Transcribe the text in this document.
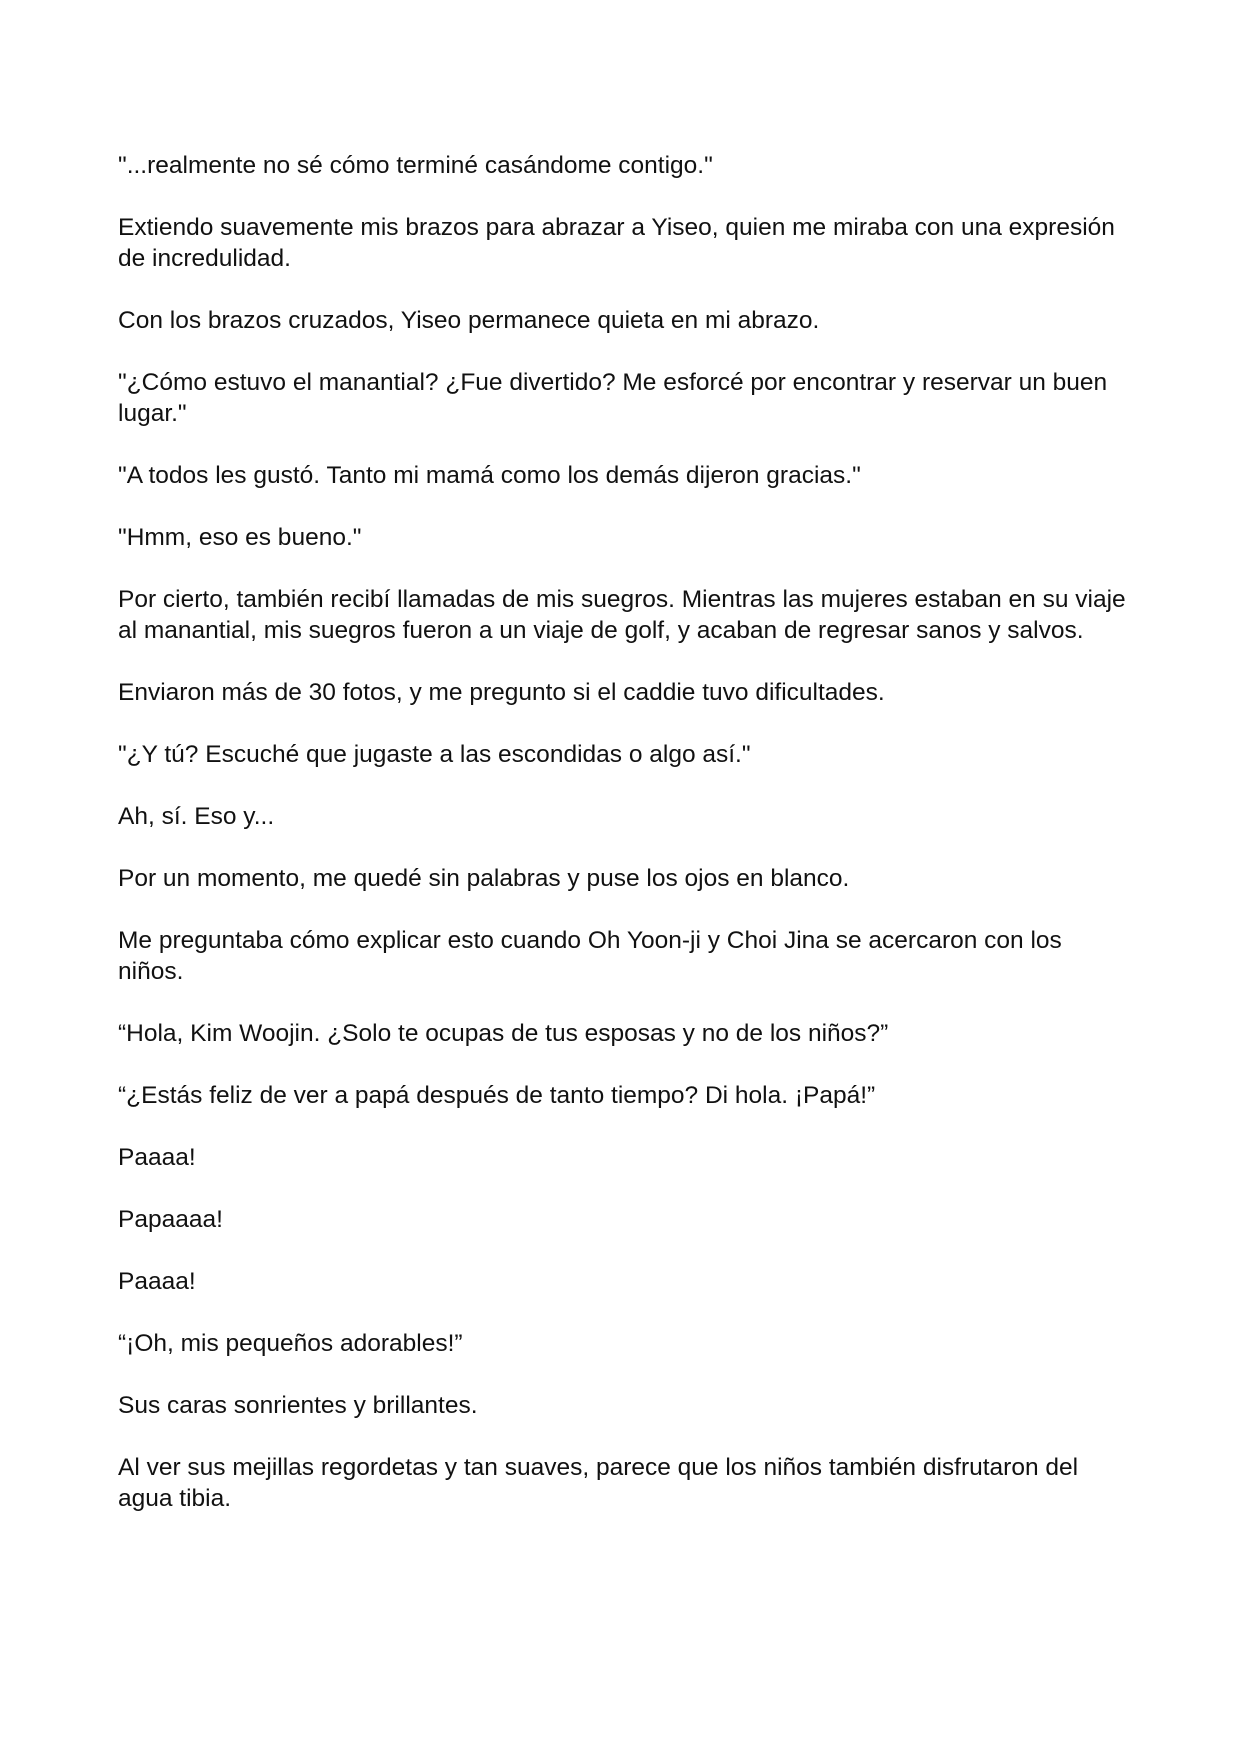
"...realmente no sé cómo terminé casándome contigo."

Extiendo suavemente mis brazos para abrazar a Yiseo, quien me miraba con una expresión de incredulidad.

Con los brazos cruzados, Yiseo permanece quieta en mi abrazo.

"¿Cómo estuvo el manantial? ¿Fue divertido? Me esforcé por encontrar y reservar un buen lugar."

"A todos les gustó. Tanto mi mamá como los demás dijeron gracias."

"Hmm, eso es bueno."

Por cierto, también recibí llamadas de mis suegros. Mientras las mujeres estaban en su viaje al manantial, mis suegros fueron a un viaje de golf, y acaban de regresar sanos y salvos.

Enviaron más de 30 fotos, y me pregunto si el caddie tuvo dificultades.

"¿Y tú? Escuché que jugaste a las escondidas o algo así."

Ah, sí. Eso y...

Por un momento, me quedé sin palabras y puse los ojos en blanco.

Me preguntaba cómo explicar esto cuando Oh Yoon-ji y Choi Jina se acercaron con los niños.

“Hola, Kim Woojin. ¿Solo te ocupas de tus esposas y no de los niños?”

“¿Estás feliz de ver a papá después de tanto tiempo? Di hola. ¡Papá!”

Paaaa!

Papaaaa!

Paaaa!

“¡Oh, mis pequeños adorables!”

Sus caras sonrientes y brillantes.

Al ver sus mejillas regordetas y tan suaves, parece que los niños también disfrutaron del agua tibia.
